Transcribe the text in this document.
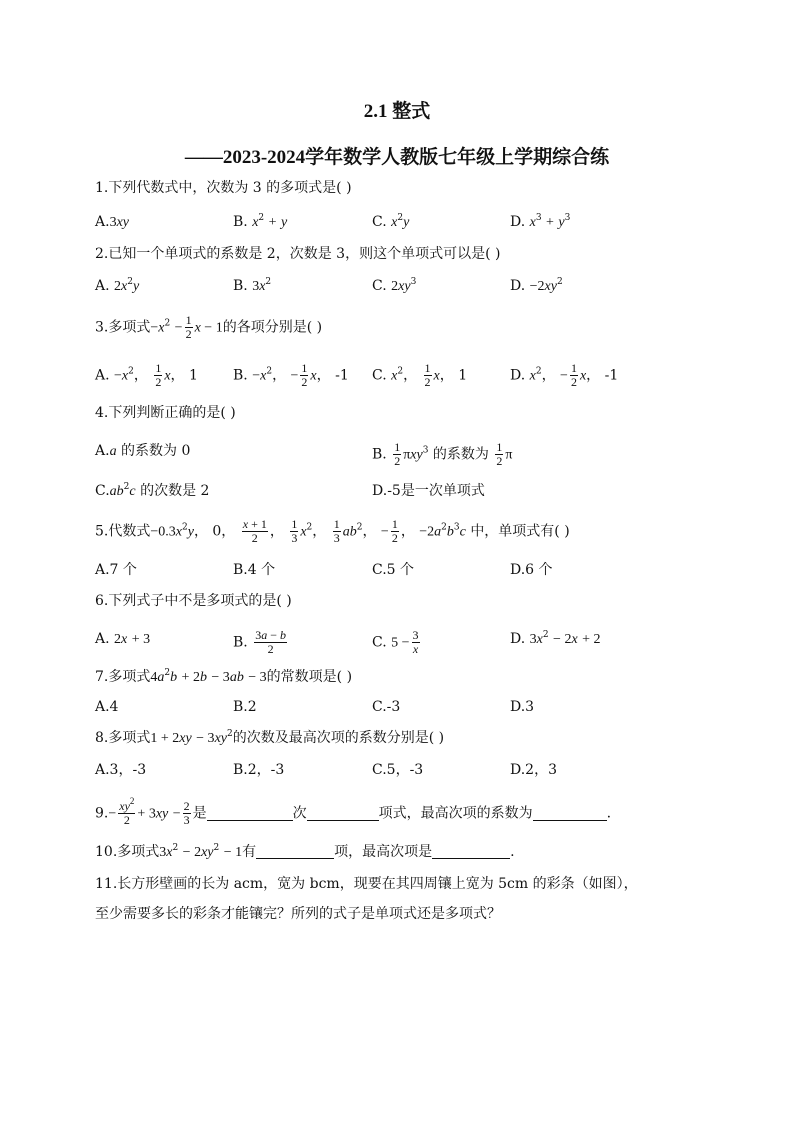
2.1 整式
——2023-2024学年数学人教版七年级上学期综合练
1.下列代数式中，次数为 3 的多项式是( )
A.3xy	B. $x^2 + y$	C. $x^2y$	D. $x^3 + y^3$
2.已知一个单项式的系数是 2，次数是 3，则这个单项式可以是( )
A. $2x^2y$	B. $3x^2$	C. $2xy^3$	D. $-2xy^2$
3.多项式$-x^2 - \frac{1}{2}$ x − 1的各项分别是( )
A. $-x^2$， $\frac{1}{2}$ x， 1	B. $-x^2$， − $\frac{1}{2}$ x， -1 C. $x^2$， $\frac{1}{2}$ x， 1	D. $x^2$， − $\frac{1}{2}$ x， -1
4.下列判断正确的是( )
A.a 的系数为 0	B. $\frac{1}{2} \pi xy^3$ 的系数为 $\frac{1}{2}$ π
$C.ab^2c$ 的次数是 2	D.-5是一次单项式
5.代数式$-0.3x^2y$， 0， $\frac{x + 1}{2}$ ， $\frac{1}{3} x^2$， $\frac{1}{3} ab^2$， − $\frac{1}{2}$ ， $-2a^2b^3c$ 中，单项式有( )
A.7 个	B.4 个	C.5 个	D.6 个
6.下列式子中不是多项式的是( )
A. 2x + 3	B. $\frac{3a - b}{2}$	C. $5 - \frac{3}{x}$	D. $3x^2 - 2x + 2$
7.多项式$4a^2b + 2b - 3ab - 3$的常数项是( )
A.4	B.2	C.-3	D.3
8.多项式$1 + 2xy - 3xy^2$的次数及最高次项的系数分别是( )
A.3，-3	B.2，-3	C.5，-3	D.2，3
$9.- \frac{xy^2}{2} + 3xy - \frac{2}{3}$ 是	次	项式，最高次项的系数为	.
10.多项式$3x^2 - 2xy^2 - 1$有	项，最高次项是	.
11.长方形壁画的长为 acm，宽为 bcm，现要在其四周镶上宽为 5cm 的彩条（如图），
至少需要多长的彩条才能镶完？所列的式子是单项式还是多项式？
